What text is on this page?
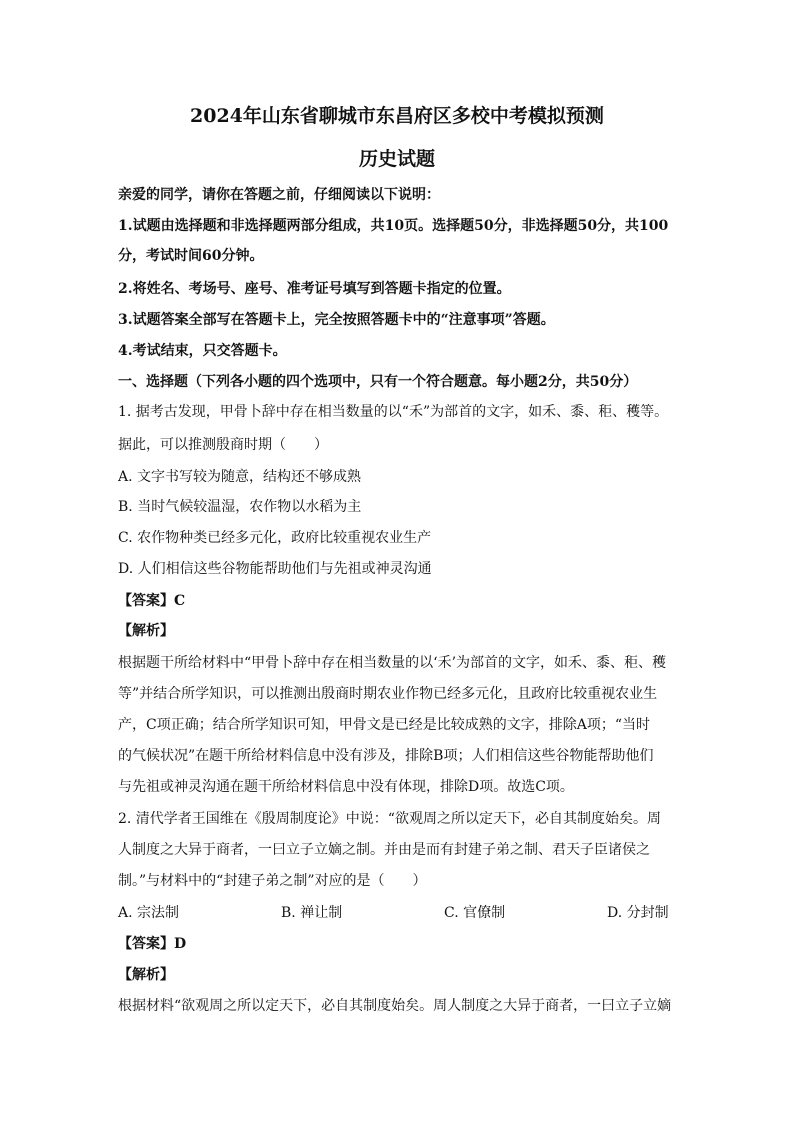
2024年山东省聊城市东昌府区多校中考模拟预测
历史试题
亲爱的同学，请你在答题之前，仔细阅读以下说明：
1.试题由选择题和非选择题两部分组成，共10页。选择题50分，非选择题50分，共100
分，考试时间60分钟。
2.将姓名、考场号、座号、准考证号填写到答题卡指定的位置。
3.试题答案全部写在答题卡上，完全按照答题卡中的“注意事项”答题。
4.考试结束，只交答题卡。
一、选择题（下列各小题的四个选项中，只有一个符合题意。每小题2分，共50分）
1. 据考古发现，甲骨卜辞中存在相当数量的以“禾”为部首的文字，如禾、黍、秬、穫等。
据此，可以推测殷商时期（　　）
A. 文字书写较为随意，结构还不够成熟
B. 当时气候较温湿，农作物以水稻为主
C. 农作物种类已经多元化，政府比较重视农业生产
D. 人们相信这些谷物能帮助他们与先祖或神灵沟通
【答案】C
【解析】
根据题干所给材料中“甲骨卜辞中存在相当数量的以‘禾’为部首的文字，如禾、黍、秬、穫
等”并结合所学知识，可以推测出殷商时期农业作物已经多元化，且政府比较重视农业生
产，C项正确；结合所学知识可知，甲骨文是已经是比较成熟的文字，排除A项；“当时
的气候状况”在题干所给材料信息中没有涉及，排除B项；人们相信这些谷物能帮助他们
与先祖或神灵沟通在题干所给材料信息中没有体现，排除D项。故选C项。
2. 清代学者王国维在《殷周制度论》中说：“欲观周之所以定天下，必自其制度始矣。周
人制度之大异于商者，一曰立子立嫡之制。并由是而有封建子弟之制、君天子臣诸侯之
制。”与材料中的“封建子弟之制”对应的是（　　）
A. 宗法制	B. 禅让制	C. 官僚制	D. 分封制
【答案】D
【解析】
根据材料“欲观周之所以定天下，必自其制度始矣。周人制度之大异于商者，一曰立子立嫡
